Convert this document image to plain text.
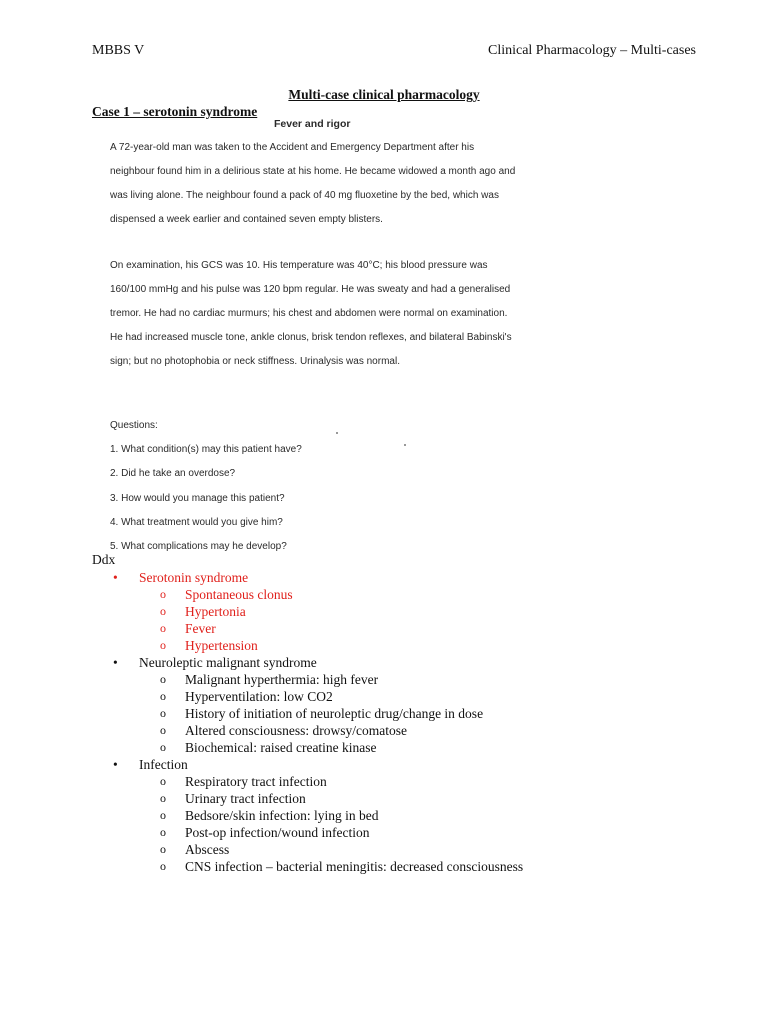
MBBS V	Clinical Pharmacology – Multi-cases
Multi-case clinical pharmacology
Case 1 – serotonin syndrome
Fever and rigor
A 72-year-old man was taken to the Accident and Emergency Department after his neighbour found him in a delirious state at his home. He became widowed a month ago and was living alone. The neighbour found a pack of 40 mg fluoxetine by the bed, which was dispensed a week earlier and contained seven empty blisters.
On examination, his GCS was 10. His temperature was 40°C; his blood pressure was 160/100 mmHg and his pulse was 120 bpm regular. He was sweaty and had a generalised tremor. He had no cardiac murmurs; his chest and abdomen were normal on examination. He had increased muscle tone, ankle clonus, brisk tendon reflexes, and bilateral Babinski's sign; but no photophobia or neck stiffness. Urinalysis was normal.
Questions:
1. What condition(s) may this patient have?
2. Did he take an overdose?
3. How would you manage this patient?
4. What treatment would you give him?
5. What complications may he develop?
Ddx
• Serotonin syndrome
o Spontaneous clonus
o Hypertonia
o Fever
o Hypertension
• Neuroleptic malignant syndrome
o Malignant hyperthermia: high fever
o Hyperventilation: low CO2
o History of initiation of neuroleptic drug/change in dose
o Altered consciousness: drowsy/comatose
o Biochemical: raised creatine kinase
• Infection
o Respiratory tract infection
o Urinary tract infection
o Bedsore/skin infection: lying in bed
o Post-op infection/wound infection
o Abscess
o CNS infection – bacterial meningitis: decreased consciousness
